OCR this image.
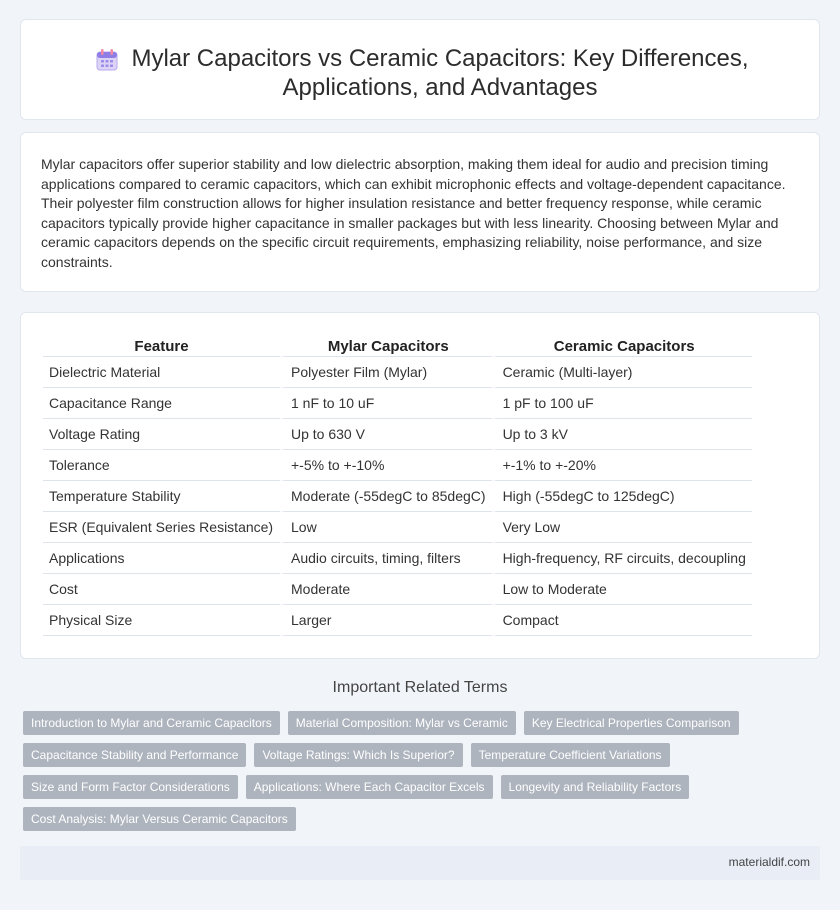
Mylar Capacitors vs Ceramic Capacitors: Key Differences, Applications, and Advantages

Mylar capacitors offer superior stability and low dielectric absorption, making them ideal for audio and precision timing applications compared to ceramic capacitors, which can exhibit microphonic effects and voltage-dependent capacitance. Their polyester film construction allows for higher insulation resistance and better frequency response, while ceramic capacitors typically provide higher capacitance in smaller packages but with less linearity. Choosing between Mylar and ceramic capacitors depends on the specific circuit requirements, emphasizing reliability, noise performance, and size constraints.

Feature	Mylar Capacitors	Ceramic Capacitors
Dielectric Material	Polyester Film (Mylar)	Ceramic (Multi-layer)
Capacitance Range	1 nF to 10 uF	1 pF to 100 uF
Voltage Rating	Up to 630 V	Up to 3 kV
Tolerance	+-5% to +-10%	+-1% to +-20%
Temperature Stability	Moderate (-55degC to 85degC)	High (-55degC to 125degC)
ESR (Equivalent Series Resistance)	Low	Very Low
Applications	Audio circuits, timing, filters	High-frequency, RF circuits, decoupling
Cost	Moderate	Low to Moderate
Physical Size	Larger	Compact
Important Related Terms
Introduction to Mylar and Ceramic Capacitors	Material Composition: Mylar vs Ceramic	Key Electrical Properties Comparison
Capacitance Stability and Performance	Voltage Ratings: Which Is Superior?	Temperature Coefficient Variations
Size and Form Factor Considerations	Applications: Where Each Capacitor Excels	Longevity and Reliability Factors
Cost Analysis: Mylar Versus Ceramic Capacitors
materialdif.com
